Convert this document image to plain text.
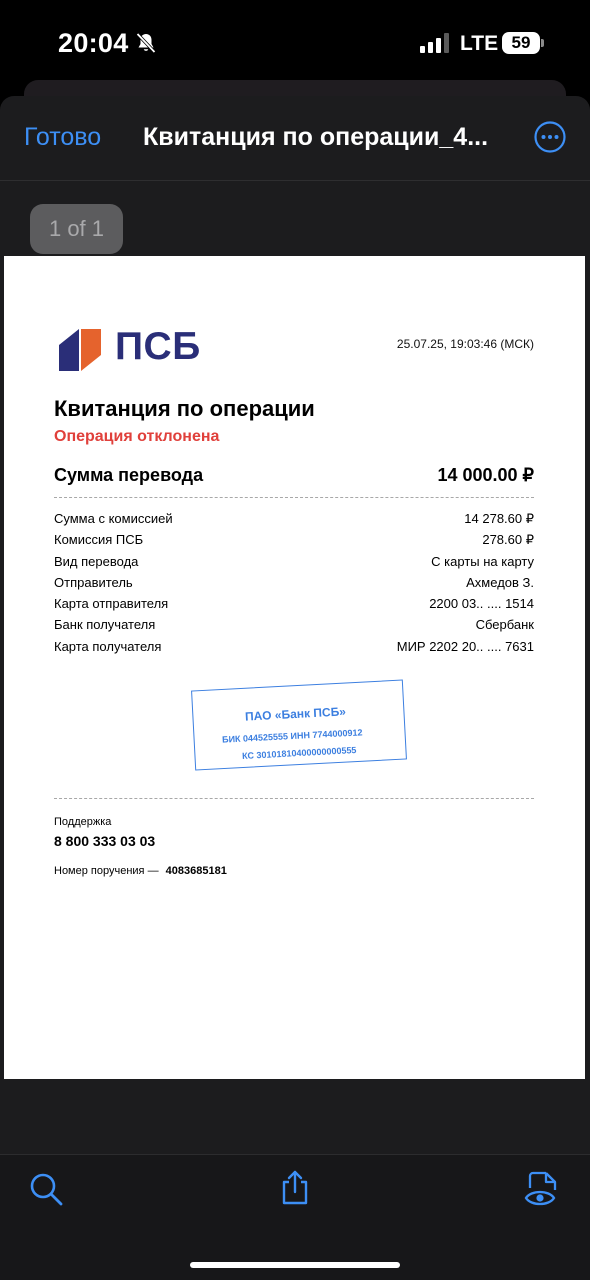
20:04	LTE 59
Готово Квитанция по операции_4...
1 of 1
ПСБ	25.07.25, 19:03:46 (МСК)
Квитанция по операции
Операция отклонена
Сумма перевода	14 000.00 ₽
Сумма с комиссией	14 278.60 ₽
Комиссия ПСБ	278.60 ₽
Вид перевода	С карты на карту
Отправитель	Ахмедов З.
Карта отправителя	2200 03.. .... 1514
Банк получателя	Сбербанк
Карта получателя	МИР 2202 20.. .... 7631
ПАО «Банк ПСБ»
БИК 044525555 ИНН 7744000912
КС 30101810400000000555
Поддержка
8 800 333 03 03
Номер поручения — 4083685181
